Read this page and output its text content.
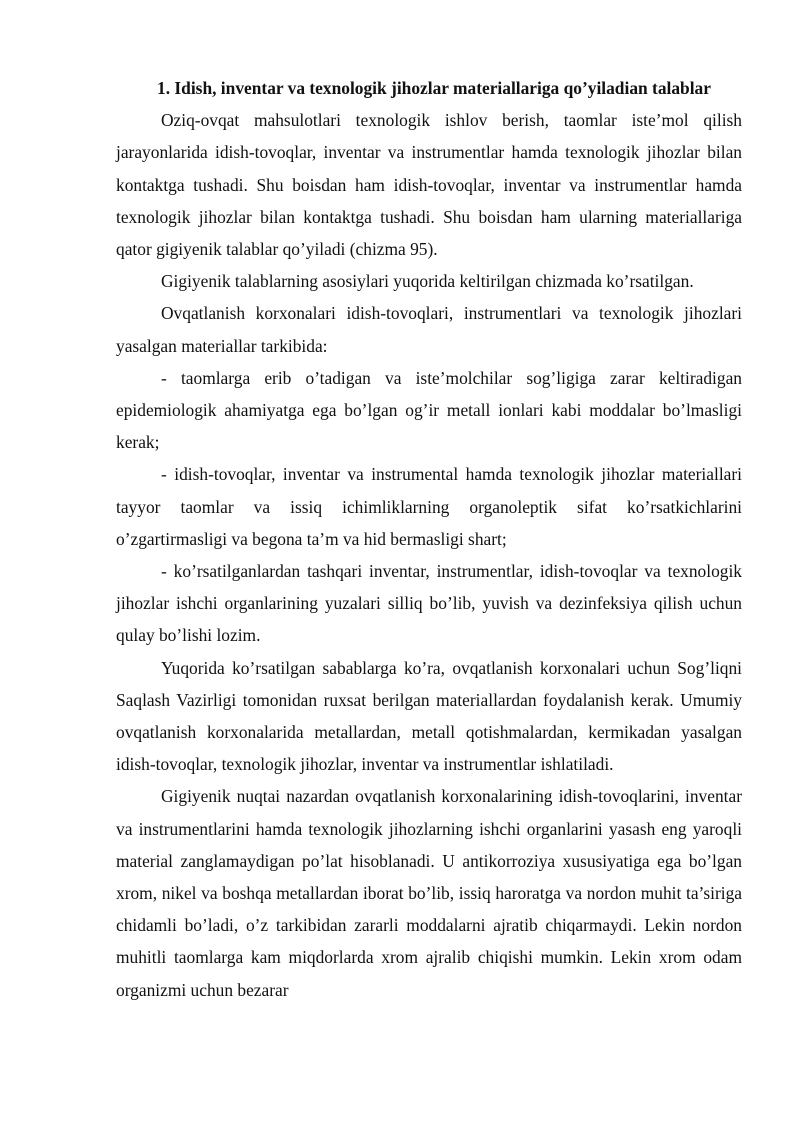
1. Idish, inventar va texnologik jihozlar materiallariga qo’yiladian talablar

Oziq-ovqat mahsulotlari texnologik ishlov berish, taomlar iste’mol qilish jarayonlarida idish-tovoqlar, inventar va instrumentlar hamda texnologik jihozlar bilan kontaktga tushadi. Shu boisdan ham idish-tovoqlar, inventar va instrumentlar hamda texnologik jihozlar bilan kontaktga tushadi. Shu boisdan ham ularning materiallariga qator gigiyenik talablar qo’yiladi (chizma 95).

Gigiyenik talablarning asosiylari yuqorida keltirilgan chizmada ko’rsatilgan.

Ovqatlanish korxonalari idish-tovoqlari, instrumentlari va texnologik jihozlari yasalgan materiallar tarkibida:

- taomlarga erib o’tadigan va iste’molchilar sog’ligiga zarar keltiradigan epidemiologik ahamiyatga ega bo’lgan og’ir metall ionlari kabi moddalar bo’lmasligi kerak;

- idish-tovoqlar, inventar va instrumental hamda texnologik jihozlar materiallari tayyor taomlar va issiq ichimliklarning organoleptik sifat ko’rsatkichlarini o’zgartirmasligi va begona ta’m va hid bermasligi shart;

- ko’rsatilganlardan tashqari inventar, instrumentlar, idish-tovoqlar va texnologik jihozlar ishchi organlarining yuzalari silliq bo’lib, yuvish va dezinfeksiya qilish uchun qulay bo’lishi lozim.

Yuqorida ko’rsatilgan sabablarga ko’ra, ovqatlanish korxonalari uchun Sog’liqni Saqlash Vazirligi tomonidan ruxsat berilgan materiallardan foydalanish kerak. Umumiy ovqatlanish korxonalarida metallardan, metall qotishmalardan, kermikadan yasalgan idish-tovoqlar, texnologik jihozlar, inventar va instrumentlar ishlatiladi.

Gigiyenik nuqtai nazardan ovqatlanish korxonalarining idish-tovoqlarini, inventar va instrumentlarini hamda texnologik jihozlarning ishchi organlarini yasash eng yaroqli material zanglamaydigan po’lat hisoblanadi. U antikorroziya xususiyatiga ega bo’lgan xrom, nikel va boshqa metallardan iborat bo’lib, issiq haroratga va nordon muhit ta’siriga chidamli bo’ladi, o’z tarkibidan zararli moddalarni ajratib chiqarmaydi. Lekin nordon muhitli taomlarga kam miqdorlarda xrom ajralib chiqishi mumkin. Lekin xrom odam organizmi uchun bezarar
